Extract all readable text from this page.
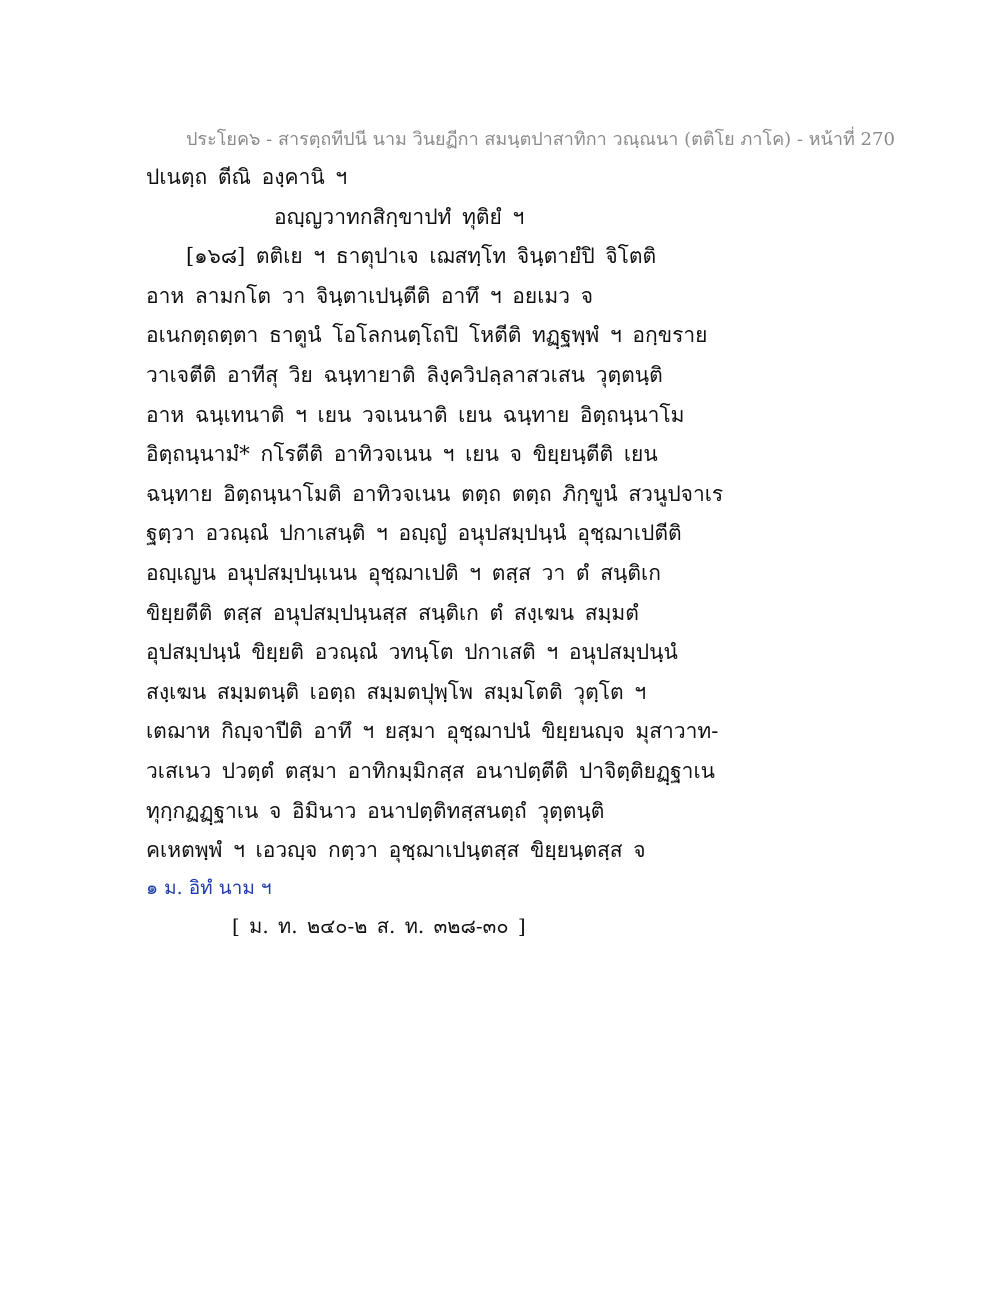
ประโยค๖ - สารตฺถทีปนี นาม วินยฏีกา สมนฺตปาสาทิกา วณฺณนา (ตติโย ภาโค) - หน้าที่ 270
ปเนตฺถ ตีณิ องฺคานิ ฯ
อญฺญวาทกสิกฺขาปทํ ทุติยํ ฯ
[๑๖๘] ตติเย ฯ ธาตุปาเจ เฌสทฺโท จินฺตายํปิ จิโตติ
อาห ลามกโต วา จินฺตาเปนฺตีติ อาทึ ฯ อยเมว จ
อเนกตฺถตฺตา ธาตูนํ โอโลกนตฺโถปิ โหตีติ ทฏฺฐพฺพํ ฯ อกฺขราย
วาเจตีติ อาทีสุ วิย ฉนฺทายาติ ลิงฺควิปลฺลาสวเสน วุตฺตนฺติ
อาห ฉนฺเทนาติ ฯ เยน วจเนนาติ เยน ฉนฺทาย อิตฺถนฺนาโม
อิตฺถนฺนามํ* กโรตีติ อาทิวจเนน ฯ เยน จ ขิยฺยนฺตีติ เยน
ฉนฺทาย อิตฺถนฺนาโมติ อาทิวจเนน ตตฺถ ตตฺถ ภิกฺขูนํ สวนูปจาเร
ฐตฺวา อวณฺณํ ปกาเสนฺติ ฯ อญฺญํ อนุปสมฺปนฺนํ อุชฺฌาเปตีติ
อญฺเญน อนุปสมฺปนฺเนน อุชฺฌาเปติ ฯ ตสฺส วา ตํ สนฺติเก
ขิยฺยตีติ ตสฺส อนุปสมฺปนฺนสฺส สนฺติเก ตํ สงฺเฆน สมฺมตํ
อุปสมฺปนฺนํ ขิยฺยติ อวณฺณํ วทนฺโต ปกาเสติ ฯ อนุปสมฺปนฺนํ
สงฺเฆน สมฺมตนฺติ เอตฺถ สมฺมตปุพฺโพ สมฺมโตติ วุตฺโต ฯ
เตฌาห กิญฺจาปีติ อาทึ ฯ ยสฺมา อุชฺฌาปนํ ขิยฺยนญฺจ มุสาวาท-
วเสเนว ปวตฺตํ ตสฺมา อาทิกมฺมิกสฺส อนาปตฺตีติ ปาจิตฺติยฏฺฐาเน
ทุกฺกฏฏฺฐาเน จ อิมินาว อนาปตฺติทสฺสนตฺถํ วุตฺตนฺติ
คเหตพฺพํ ฯ เอวญฺจ กตฺวา อุชฺฌาเปนฺตสฺส ขิยฺยนฺตสฺส จ
๑ ม. อิทํ นาม ฯ
[ ม. ท. ๒๔๐-๒ ส. ท. ๓๒๘-๓๐ ]
